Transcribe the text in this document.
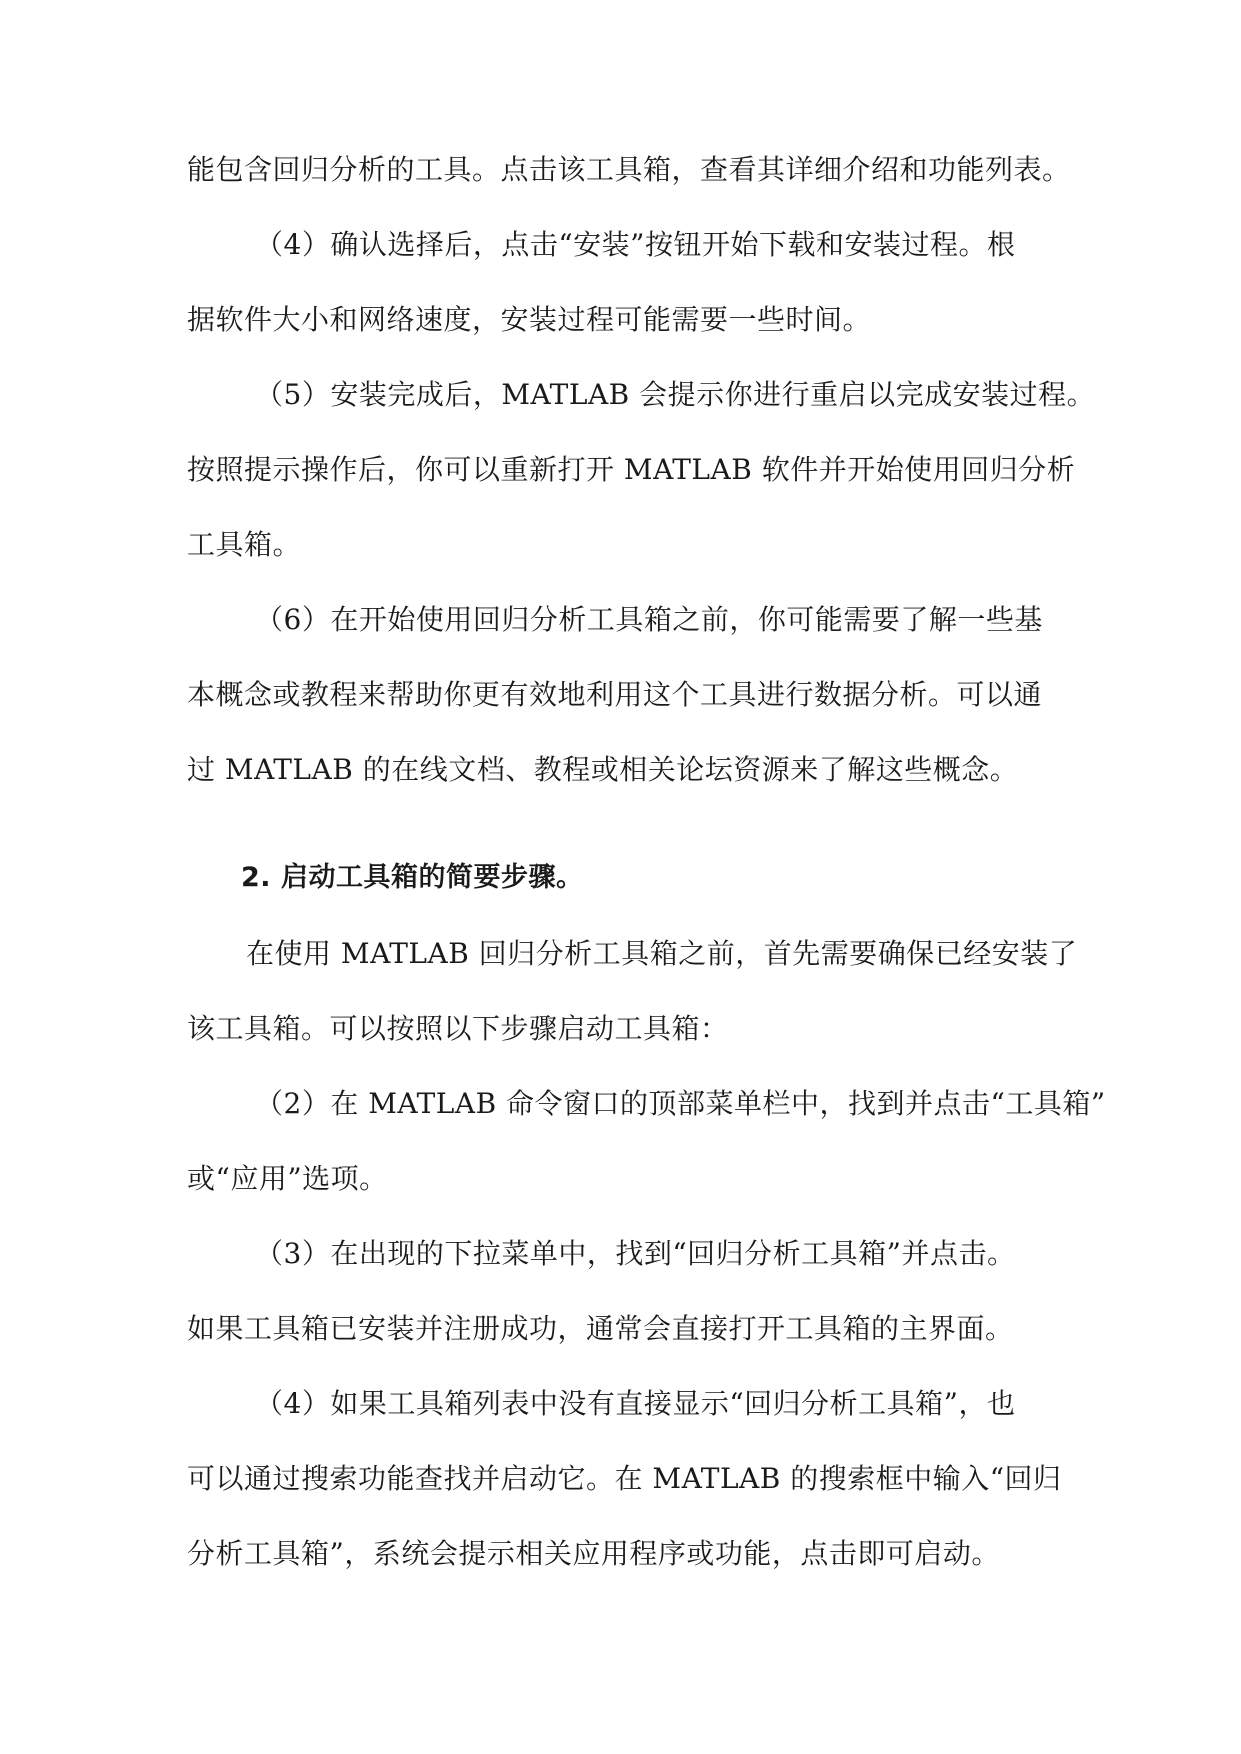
能包含回归分析的工具。点击该工具箱，查看其详细介绍和功能列表。
（4）确认选择后，点击“安装”按钮开始下载和安装过程。根
据软件大小和网络速度，安装过程可能需要一些时间。
（5）安装完成后，MATLAB 会提示你进行重启以完成安装过程。
按照提示操作后，你可以重新打开 MATLAB 软件并开始使用回归分析
工具箱。
（6）在开始使用回归分析工具箱之前，你可能需要了解一些基
本概念或教程来帮助你更有效地利用这个工具进行数据分析。可以通
过 MATLAB 的在线文档、教程或相关论坛资源来了解这些概念。
2. 启动工具箱的简要步骤。
在使用 MATLAB 回归分析工具箱之前，首先需要确保已经安装了
该工具箱。可以按照以下步骤启动工具箱：
（2）在 MATLAB 命令窗口的顶部菜单栏中，找到并点击“工具箱”
或“应用”选项。
（3）在出现的下拉菜单中，找到“回归分析工具箱”并点击。
如果工具箱已安装并注册成功，通常会直接打开工具箱的主界面。
（4）如果工具箱列表中没有直接显示“回归分析工具箱”，也
可以通过搜索功能查找并启动它。在 MATLAB 的搜索框中输入“回归
分析工具箱”，系统会提示相关应用程序或功能，点击即可启动。
